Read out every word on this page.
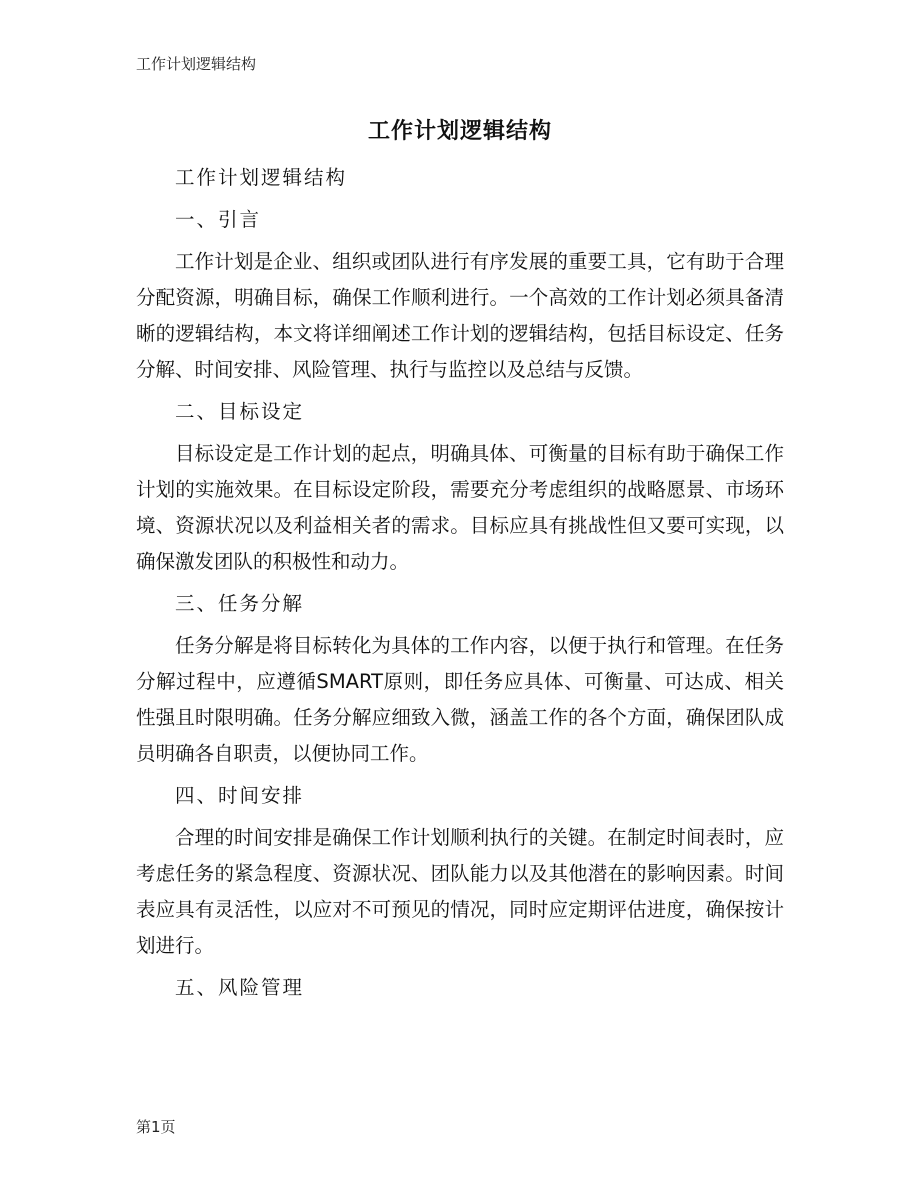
工作计划逻辑结构
工作计划逻辑结构

工作计划逻辑结构

一、引言

工作计划是企业、组织或团队进行有序发展的重要工具，它有助于合理分配资源，明确目标，确保工作顺利进行。一个高效的工作计划必须具备清晰的逻辑结构，本文将详细阐述工作计划的逻辑结构，包括目标设定、任务分解、时间安排、风险管理、执行与监控以及总结与反馈。

二、目标设定

目标设定是工作计划的起点，明确具体、可衡量的目标有助于确保工作计划的实施效果。在目标设定阶段，需要充分考虑组织的战略愿景、市场环境、资源状况以及利益相关者的需求。目标应具有挑战性但又要可实现，以确保激发团队的积极性和动力。

三、任务分解

任务分解是将目标转化为具体的工作内容，以便于执行和管理。在任务分解过程中，应遵循SMART原则，即任务应具体、可衡量、可达成、相关性强且时限明确。任务分解应细致入微，涵盖工作的各个方面，确保团队成员明确各自职责，以便协同工作。

四、时间安排

合理的时间安排是确保工作计划顺利执行的关键。在制定时间表时，应考虑任务的紧急程度、资源状况、团队能力以及其他潜在的影响因素。时间表应具有灵活性，以应对不可预见的情况，同时应定期评估进度，确保按计划进行。

五、风险管理

第1页
